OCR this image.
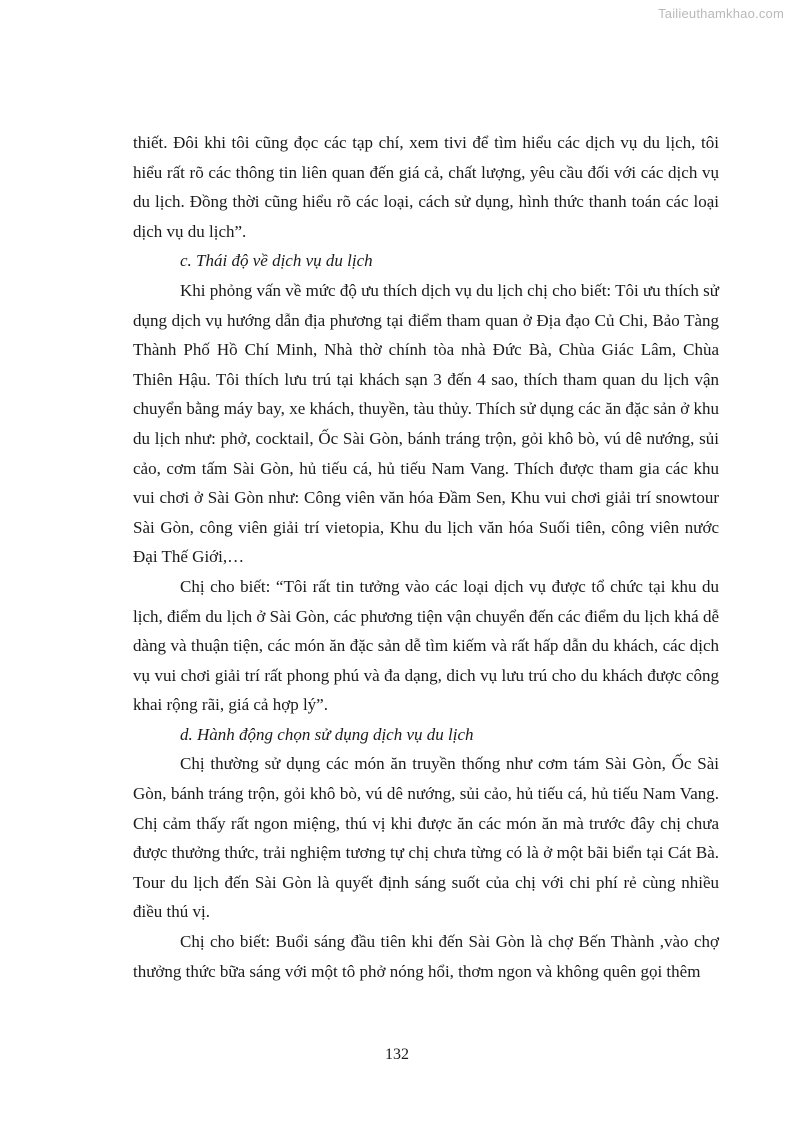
Tailieuthamkhao.com

thiết. Đôi khi tôi cũng đọc các tạp chí, xem tivi để tìm hiểu các dịch vụ du lịch, tôi hiểu rất rõ các thông tin liên quan đến giá cả, chất lượng, yêu cầu đối với các dịch vụ du lịch. Đồng thời cũng hiểu rõ các loại, cách sử dụng, hình thức thanh toán các loại dịch vụ du lịch”.

c. Thái độ về dịch vụ du lịch

Khi phỏng vấn về mức độ ưu thích dịch vụ du lịch chị cho biết: Tôi ưu thích sử dụng dịch vụ hướng dẫn địa phương tại điểm tham quan ở Địa đạo Củ Chi, Bảo Tàng Thành Phố Hồ Chí Minh, Nhà thờ chính tòa nhà Đức Bà, Chùa Giác Lâm, Chùa Thiên Hậu. Tôi thích lưu trú tại khách sạn 3 đến 4 sao, thích tham quan du lịch vận chuyển bằng máy bay, xe khách, thuyền, tàu thủy. Thích sử dụng các ăn đặc sản ở khu du lịch như: phở, cocktail, Ốc Sài Gòn, bánh tráng trộn, gỏi khô bò, vú dê nướng, sủi cảo, cơm tấm Sài Gòn, hủ tiếu cá, hủ tiếu Nam Vang. Thích được tham gia các khu vui chơi ở Sài Gòn như: Công viên văn hóa Đầm Sen, Khu vui chơi giải trí snowtour Sài Gòn, công viên giải trí vietopia, Khu du lịch văn hóa Suối tiên, công viên nước Đại Thế Giới,…

Chị cho biết: “Tôi rất tin tưởng vào các loại dịch vụ được tổ chức tại khu du lịch, điểm du lịch ở Sài Gòn, các phương tiện vận chuyển đến các điểm du lịch khá dễ dàng và thuận tiện, các món ăn đặc sản dễ tìm kiếm và rất hấp dẫn du khách, các dịch vụ vui chơi giải trí rất phong phú và đa dạng, dich vụ lưu trú cho du khách được công khai rộng rãi, giá cả hợp lý”.

d. Hành động chọn sử dụng dịch vụ du lịch

Chị thường sử dụng các món ăn truyền thống như cơm tám Sài Gòn, Ốc Sài Gòn, bánh tráng trộn, gỏi khô bò, vú dê nướng, sủi cảo, hủ tiếu cá, hủ tiếu Nam Vang. Chị cảm thấy rất ngon miệng, thú vị khi được ăn các món ăn mà trước đây chị chưa được thưởng thức, trải nghiệm tương tự chị chưa từng có là ở một bãi biển tại Cát Bà. Tour du lịch đến Sài Gòn là quyết định sáng suốt của chị với chi phí rẻ cùng nhiều điều thú vị.

Chị cho biết: Buổi sáng đầu tiên khi đến Sài Gòn là chợ Bến Thành ,vào chợ thưởng thức bữa sáng với một tô phở nóng hổi, thơm ngon và không quên gọi thêm

132
